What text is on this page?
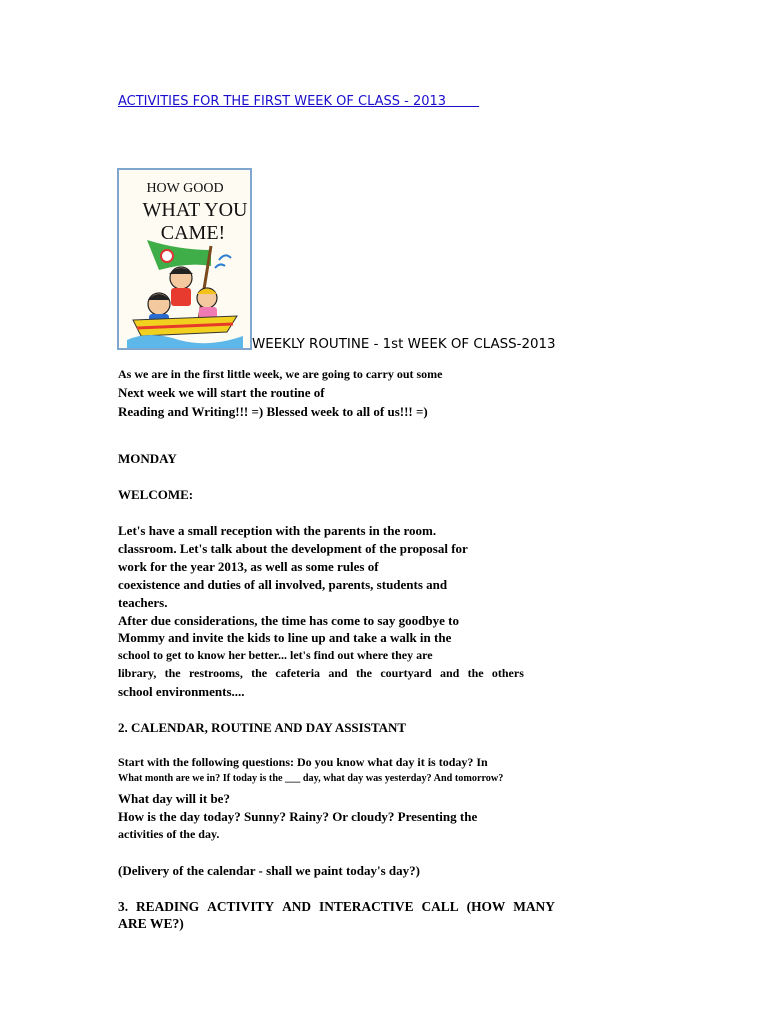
ACTIVITIES FOR THE FIRST WEEK OF CLASS - 2013
HOW GOOD
WHAT YOU
CAME!
WEEKLY ROUTINE - 1st WEEK OF CLASS-2013
As we are in the first little week, we are going to carry out some
Next week we will start the routine of
Reading and Writing!!! =) Blessed week to all of us!!! =)
MONDAY
WELCOME:
Let's have a small reception with the parents in the room.
classroom. Let's talk about the development of the proposal for
work for the year 2013, as well as some rules of
coexistence and duties of all involved, parents, students and
teachers.
After due considerations, the time has come to say goodbye to
Mommy and invite the kids to line up and take a walk in the
school to get to know her better... let's find out where they are
library, the restrooms, the cafeteria and the courtyard and the others
school environments....
2. CALENDAR, ROUTINE AND DAY ASSISTANT
Start with the following questions: Do you know what day it is today? In
What month are we in? If today is the ___ day, what day was yesterday? And tomorrow?
What day will it be?
How is the day today? Sunny? Rainy? Or cloudy? Presenting the
activities of the day.
(Delivery of the calendar - shall we paint today's day?)
3. READING ACTIVITY AND INTERACTIVE CALL (HOW MANY
ARE WE?)
